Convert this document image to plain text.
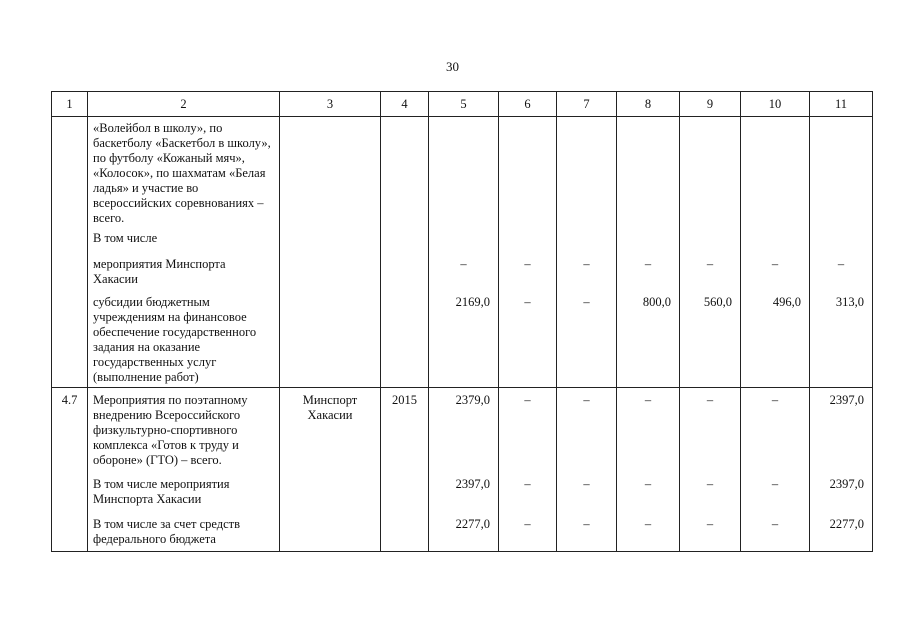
30
1	2	3	4	5	6	7	8	9	10	11
	«Волейбол в школу», по баскетболу «Баскетбол в школу», по футболу «Кожаный мяч», «Колосок», по шахматам «Белая ладья» и участие во всероссийских соревнованиях – всего.									
	В том числе									
	мероприятия Минспорта Хакасии			–	–	–	–	–	–	–
	субсидии бюджетным учреждениям на финансовое обеспечение государственного задания на оказание государственных услуг (выполнение работ)			2169,0	–	–	800,0	560,0	496,0	313,0
4.7	Мероприятия по поэтапному внедрению Всероссийского физкультурно-спортивного комплекса «Готов к труду и обороне» (ГТО) – всего.	Минспорт Хакасии	2015	2379,0	–	–	–	–	–	2397,0
	В том числе мероприятия Минспорта Хакасии			2397,0	–	–	–	–	–	2397,0
	В том числе за счет средств федерального бюджета			2277,0	–	–	–	–	–	2277,0
